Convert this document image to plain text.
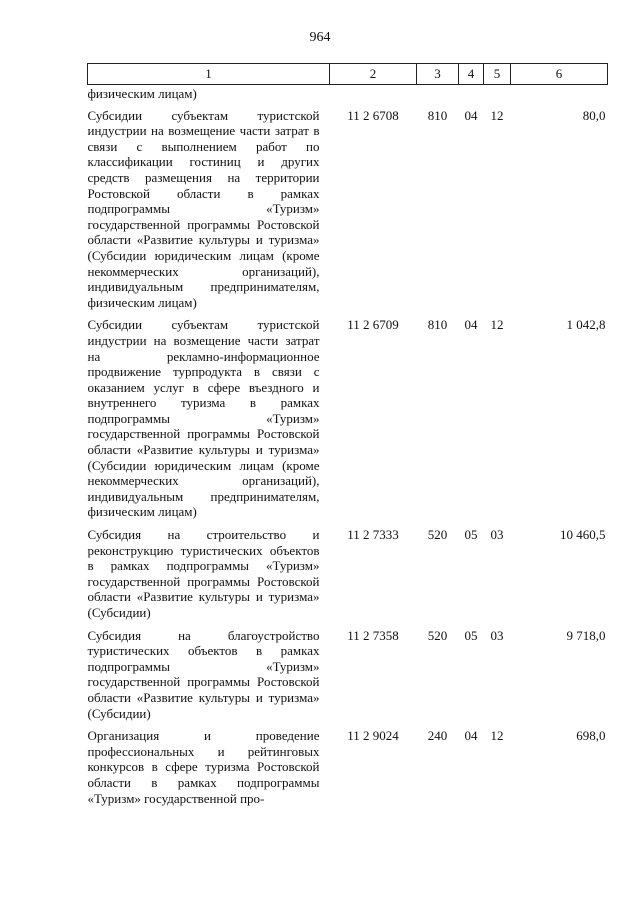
964
1	2	3	4	5	6
физическим лицам)					
Субсидии субъектам туристской индустрии на возмещение части затрат в связи с выполнением работ по классификации гостиниц и других средств размещения на территории Ростовской области в рамках подпрограммы «Туризм» государственной программы Ростовской области «Развитие культуры и туризма» (Субсидии юридическим лицам (кроме некоммерческих организаций), индивидуальным предпринимателям, физическим лицам)	11 2 6708	810	04	12	80,0
Субсидии субъектам туристской индустрии на возмещение части затрат на рекламно-информационное продвижение турпродукта в связи с оказанием услуг в сфере въездного и внутреннего туризма в рамках подпрограммы «Туризм» государственной программы Ростовской области «Развитие культуры и туризма» (Субсидии юридическим лицам (кроме некоммерческих организаций), индивидуальным предпринимателям, физическим лицам)	11 2 6709	810	04	12	1 042,8
Субсидия на строительство и реконструкцию туристических объектов в рамках подпрограммы «Туризм» государственной программы Ростовской области «Развитие культуры и туризма» (Субсидии)	11 2 7333	520	05	03	10 460,5
Субсидия на благоустройство туристических объектов в рамках подпрограммы «Туризм» государственной программы Ростовской области «Развитие культуры и туризма» (Субсидии)	11 2 7358	520	05	03	9 718,0
Организация и проведение профессиональных и рейтинговых конкурсов в сфере туризма Ростовской области в рамках подпрограммы «Туризм» государственной про-	11 2 9024	240	04	12	698,0
